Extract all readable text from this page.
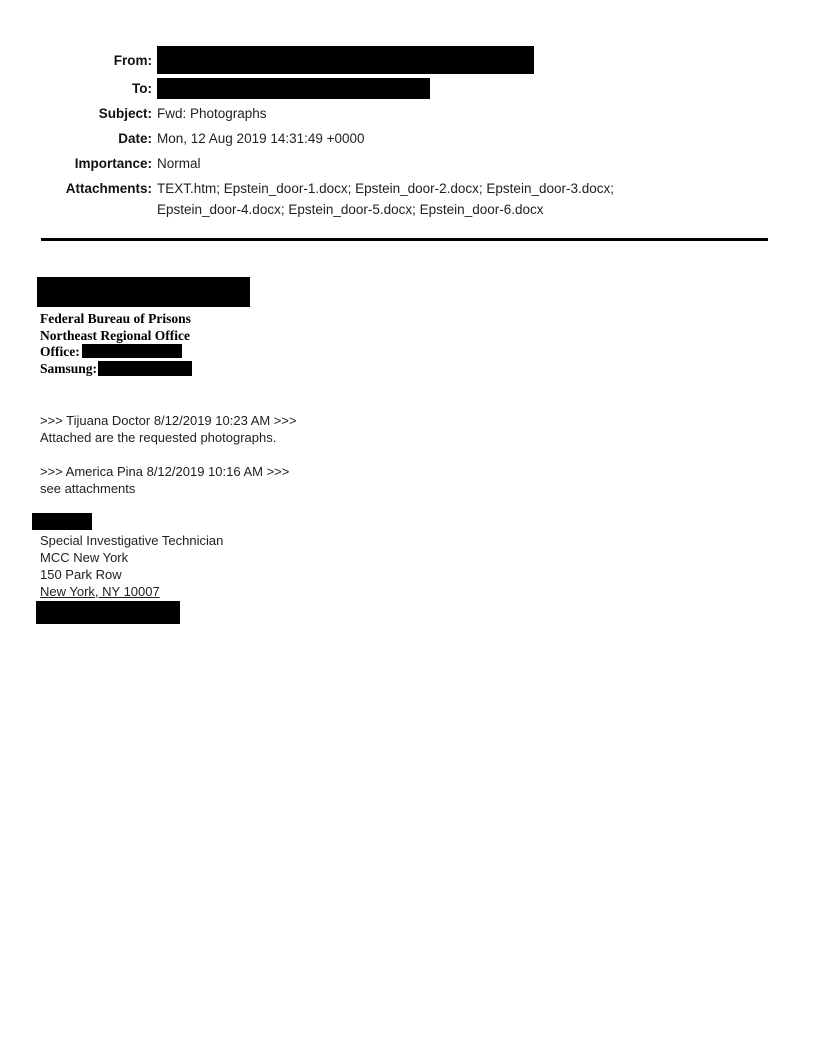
From:
To:
Subject: Fwd: Photographs
Date: Mon, 12 Aug 2019 14:31:49 +0000
Importance: Normal
Attachments: TEXT.htm; Epstein_door-1.docx; Epstein_door-2.docx; Epstein_door-3.docx; Epstein_door-4.docx; Epstein_door-5.docx; Epstein_door-6.docx
Federal Bureau of Prisons
Northeast Regional Office
Office:
Samsung:
>>> Tijuana Doctor 8/12/2019 10:23 AM >>>
Attached are the requested photographs.
>>> America Pina 8/12/2019 10:16 AM >>>
see attachments
Special Investigative Technician
MCC New York
150 Park Row
New York, NY 10007
